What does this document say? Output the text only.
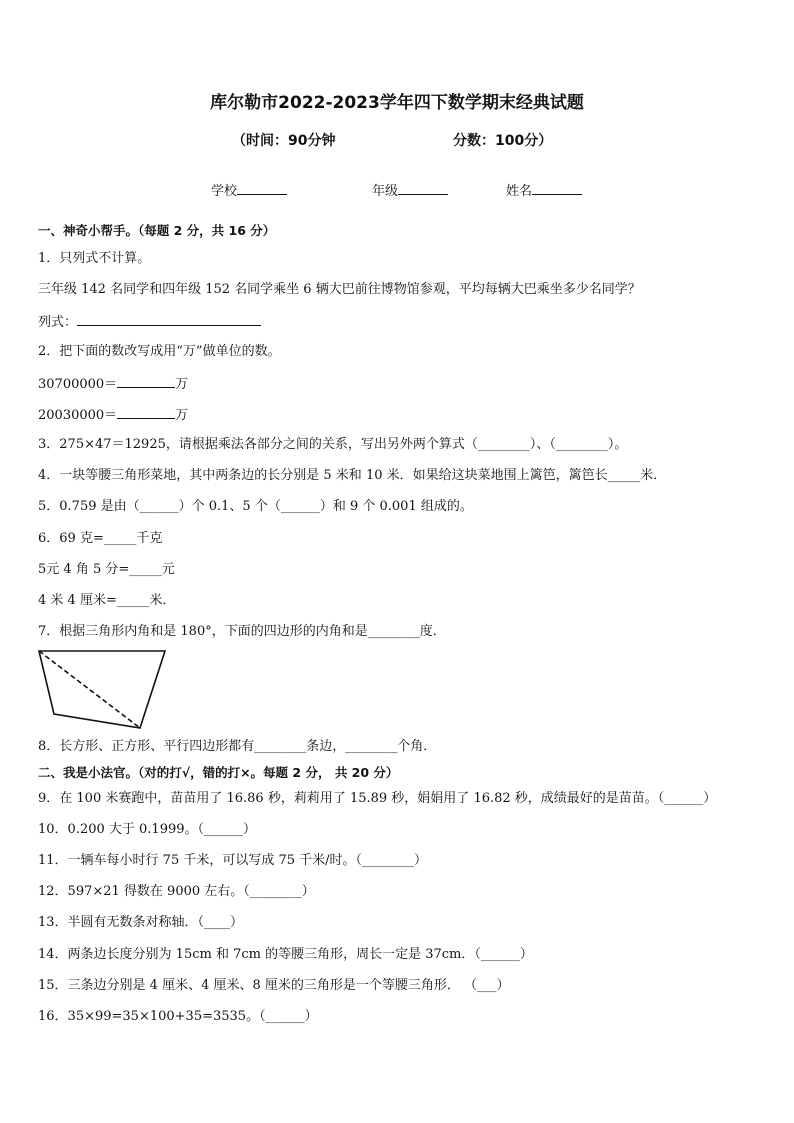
库尔勒市2022-2023学年四下数学期末经典试题
（时间：90分钟	分数：100分）
学校	年级	姓名
一、神奇小帮手。（每题 2 分，共 16 分）
1．只列式不计算。
三年级 142 名同学和四年级 152 名同学乘坐 6 辆大巴前往博物馆参观，平均每辆大巴乘坐多少名同学？
列式：
2．把下面的数改写成用“万”做单位的数。
30700000＝	万
20030000＝	万
3．275×47＝12925，请根据乘法各部分之间的关系，写出另外两个算式（________）、（________）。
4．一块等腰三角形菜地，其中两条边的长分别是 5 米和 10 米．如果给这块菜地围上篱笆，篱笆长_____米．
5．0.759 是由（______）个 0.1、5 个（______）和 9 个 0.001 组成的。
6．69 克=_____千克
5元 4 角 5 分=_____元
4 米 4 厘米=_____米．
7．根据三角形内角和是 180°，下面的四边形的内角和是________度．
8．长方形、正方形、平行四边形都有________条边，________个角．
二、我是小法官。（对的打√，错的打×。每题 2 分， 共 20 分）
9．在 100 米赛跑中，苗苗用了 16.86 秒，莉莉用了 15.89 秒，娟娟用了 16.82 秒，成绩最好的是苗苗。（______）
10．0.200 大于 0.1999。（______）
11．一辆车每小时行 75 千米，可以写成 75 千米/时。（________）
12．597×21 得数在 9000 左右。（________）
13．半圆有无数条对称轴．（____）
14．两条边长度分别为 15cm 和 7cm 的等腰三角形，周长一定是 37cm．（______）
15．三条边分别是 4 厘米、4 厘米、8 厘米的三角形是一个等腰三角形． （___）
16．35×99=35×100+35=3535。（______）
